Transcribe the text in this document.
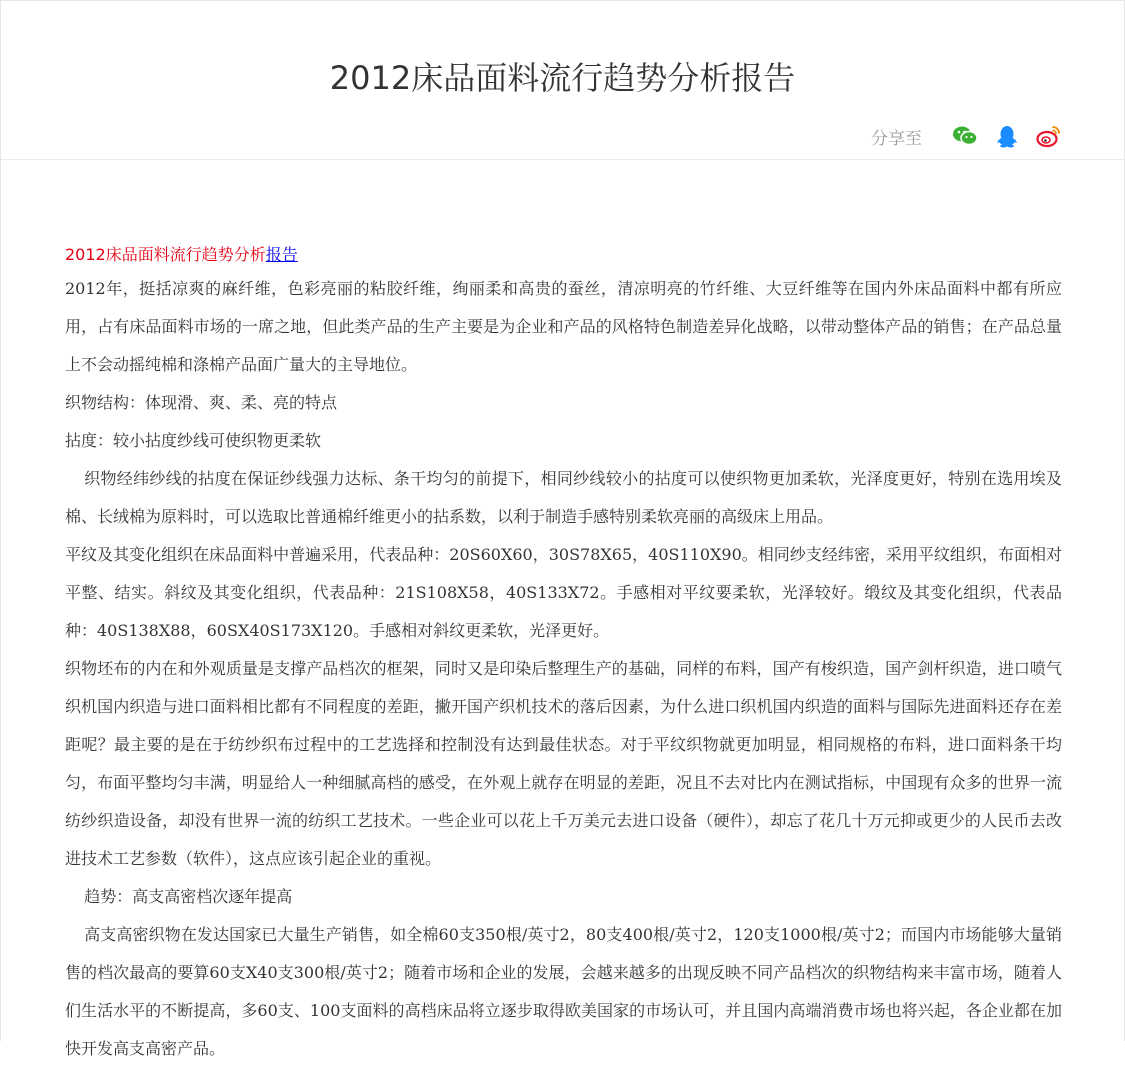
2012床品面料流行趋势分析报告
分享至

2012床品面料流行趋势分析报告

2012年，挺括凉爽的麻纤维，色彩亮丽的粘胶纤维，绚丽柔和高贵的蚕丝，清凉明亮的竹纤维、大豆纤维等在国内外床品面料中都有所应用，占有床品面料市场的一席之地，但此类产品的生产主要是为企业和产品的风格特色制造差异化战略，以带动整体产品的销售；在产品总量上不会动摇纯棉和涤棉产品面广量大的主导地位。

织物结构：体现滑、爽、柔、亮的特点

拈度：较小拈度纱线可使织物更柔软

织物经纬纱线的拈度在保证纱线强力达标、条干均匀的前提下，相同纱线较小的拈度可以使织物更加柔软，光泽度更好，特别在选用埃及棉、长绒棉为原料时，可以选取比普通棉纤维更小的拈系数，以利于制造手感特别柔软亮丽的高级床上用品。

平纹及其变化组织在床品面料中普遍采用，代表品种：20S60X60，30S78X65，40S110X90。相同纱支经纬密，采用平纹组织，布面相对平整、结实。斜纹及其变化组织，代表品种：21S108X58，40S133X72。手感相对平纹要柔软，光泽较好。缎纹及其变化组织，代表品种：40S138X88，60SX40S173X120。手感相对斜纹更柔软，光泽更好。

织物坯布的内在和外观质量是支撑产品档次的框架，同时又是印染后整理生产的基础，同样的布料，国产有梭织造，国产剑杆织造，进口喷气织机国内织造与进口面料相比都有不同程度的差距，撇开国产织机技术的落后因素，为什么进口织机国内织造的面料与国际先进面料还存在差距呢？最主要的是在于纺纱织布过程中的工艺选择和控制没有达到最佳状态。对于平纹织物就更加明显，相同规格的布料，进口面料条干均匀，布面平整均匀丰满，明显给人一种细腻高档的感受，在外观上就存在明显的差距，况且不去对比内在测试指标，中国现有众多的世界一流纺纱织造设备，却没有世界一流的纺织工艺技术。一些企业可以花上千万美元去进口设备（硬件），却忘了花几十万元抑或更少的人民币去改进技术工艺参数（软件），这点应该引起企业的重视。

趋势：高支高密档次逐年提高

高支高密织物在发达国家已大量生产销售，如全棉60支350根/英寸2，80支400根/英寸2，120支1000根/英寸2；而国内市场能够大量销售的档次最高的要算60支X40支300根/英寸2；随着市场和企业的发展，会越来越多的出现反映不同产品档次的织物结构来丰富市场，随着人们生活水平的不断提高，多60支、100支面料的高档床品将立逐步取得欧美国家的市场认可，并且国内高端消费市场也将兴起，各企业都在加快开发高支高密产品。
